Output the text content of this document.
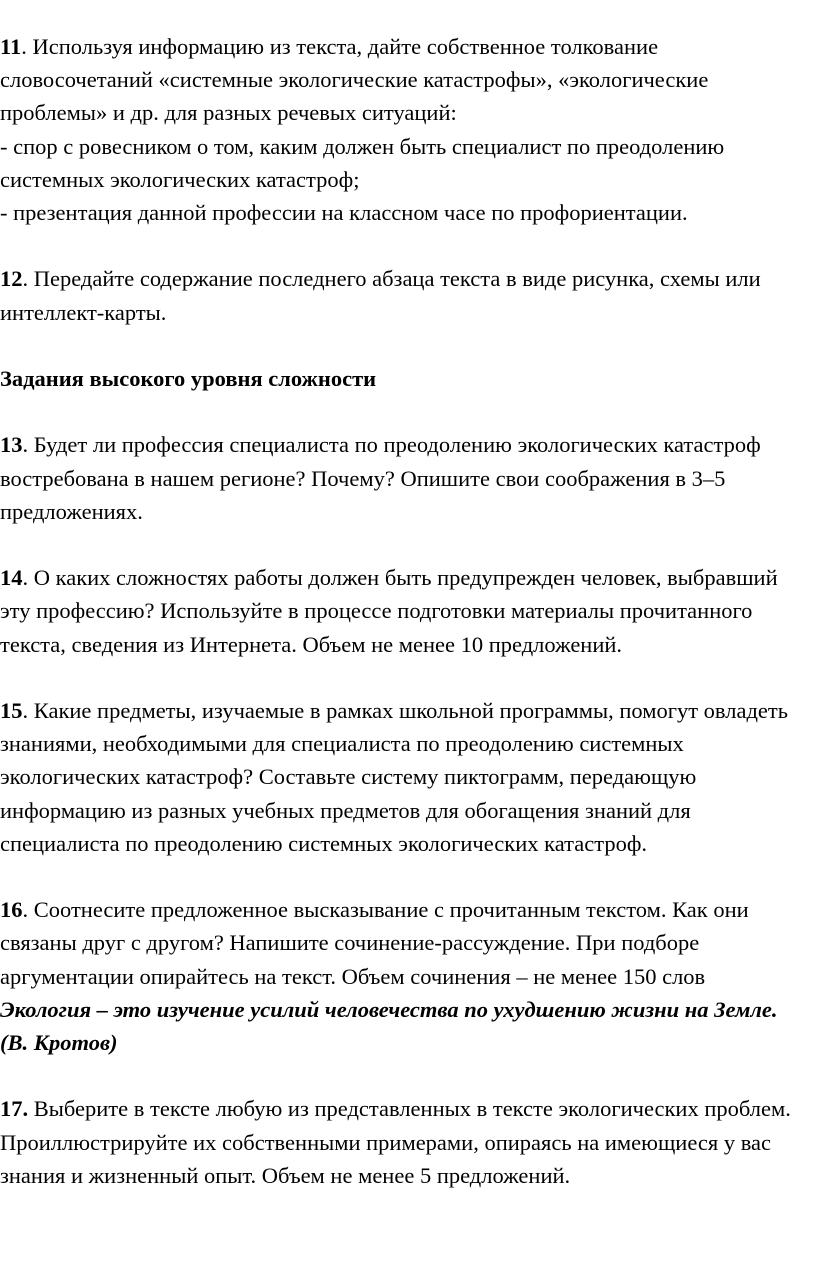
11. Используя информацию из текста, дайте собственное толкование словосочетаний «системные экологические катастрофы», «экологические проблемы» и др. для разных речевых ситуаций:

- спор с ровесником о том, каким должен быть специалист по преодолению системных экологических катастроф;

- презентация данной профессии на классном часе по профориентации.

12. Передайте содержание последнего абзаца текста в виде рисунка, схемы или интеллект-карты.

Задания высокого уровня сложности

13. Будет ли профессия специалиста по преодолению экологических катастроф востребована в нашем регионе? Почему? Опишите свои соображения в 3–5 предложениях.

14. О каких сложностях работы должен быть предупрежден человек, выбравший эту профессию? Используйте в процессе подготовки материалы прочитанного текста, сведения из Интернета. Объем не менее 10 предложений.

15. Какие предметы, изучаемые в рамках школьной программы, помогут овладеть знаниями, необходимыми для специалиста по преодолению системных экологических катастроф? Составьте систему пиктограмм, передающую информацию из разных учебных предметов для обогащения знаний для специалиста по преодолению системных экологических катастроф.

16. Соотнесите предложенное высказывание с прочитанным текстом. Как они связаны друг с другом? Напишите сочинение-рассуждение. При подборе аргументации опирайтесь на текст. Объем сочинения – не менее 150 слов

Экология – это изучение усилий человечества по ухудшению жизни на Земле. (В. Кротов)

17. Выберите в тексте любую из представленных в тексте экологических проблем. Проиллюстрируйте их собственными примерами, опираясь на имеющиеся у вас знания и жизненный опыт. Объем не менее 5 предложений.
